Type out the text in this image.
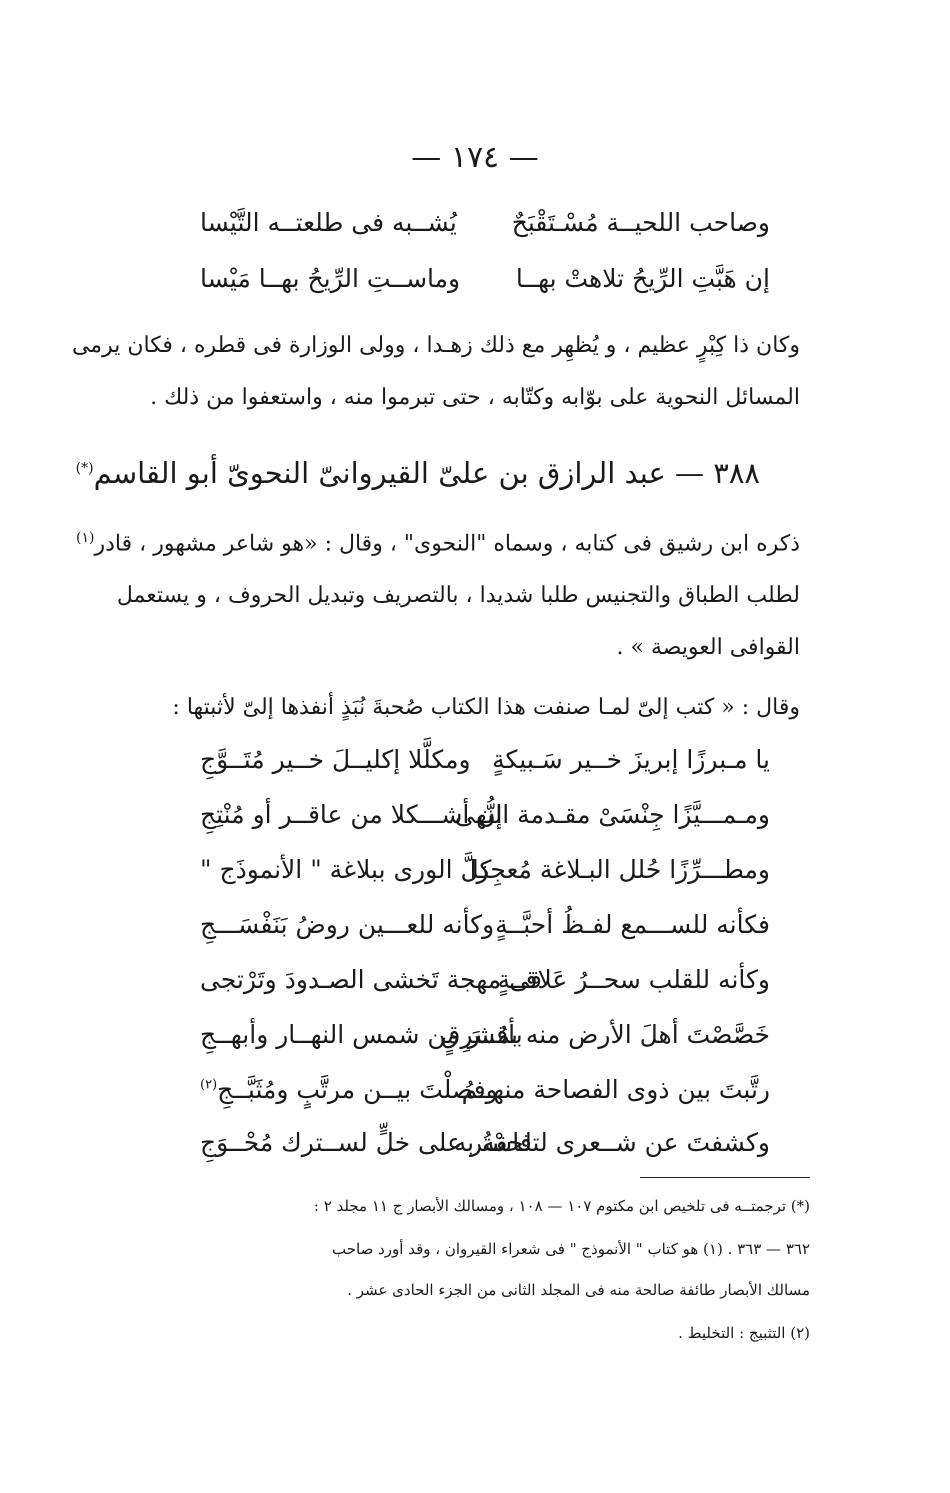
— ١٧٤ —
وصاحب اللحيــة مُسْـتَقْبَحٌ
يُشــبه فى طلعتــه التَّيْسا
إن هَبَّتِ الرِّيحُ تلاهتْ بهــا
وماســتِ الرِّيحُ بهــا مَيْسا
وكان ذا كِبْرٍ عظيم ، و يُظهِر مع ذلك زهـدا ، وولى الوزارة فى قطره ، فكان يرمى
المسائل النحوية على بوّابه وكتّابه ، حتى تبرموا منه ، واستعفوا من ذلك .
٣٨٨ — عبد الرازق بن علىّ القيروانىّ النحوىّ أبو القاسم(*)
ذكره ابن رشيق فى كتابه ، وسماه "النحوى" ، وقال : «هو شاعر مشهور ، قادر$^{(١)}$
لطلب الطباق والتجنيس طلبا شديدا ، بالتصريف وتبديل الحروف ، و يستعمل
القوافى العويصة » .
وقال : « كتب إلىّ لمـا صنفت هذا الكتاب صُحبةَ نُبَذٍ أنفذها إلىّ لأثبتها :
يا مـبرزًا إبريزَ خــير سَـبيكةٍ
ومكلَّلا إكليــلَ خــير مُتَــوَّجِ
ومـمـــيَّزًا جِنْسَىْ مقـدمة النُّهى
إن أشـــكلا من عاقــر أو مُنْتِجِ
ومطـــرِّزًا حُلل البـلاغة مُعجِزا
كلَّ الورى ببلاغة " الأنموذَج "
فكأنه للســـمع لفـظُ أحبَّــةٍ
وكأنه للعـــين روضُ بَنَفْسَـــجِ
وكأنه للقلب سحــرُ عَلاقــةٍ
فى مهجة تَخشى الصـدودَ وتَرْتجى
خَصَّصْتَ أهلَ الأرض منه بمُشرِقٍ
بأقــرَ من شمس النهــار وأبهــجِ
رتَّبتَ بين ذوى الفصاحة منهــمُ
وفصلْتَ بيــن مرتَّبٍ ومُثَبَّــجِ$^{(٢)}$
وكشفتَ عن شــعرى لتلحقه به
فاسْتُر على خلٍّ لســترك مُحْــوَجِ
(*) ترجمتــه فى تلخيص ابن مكتوم ١٠٧ — ١٠٨ ، ومسالك الأبصار ج ١١ مجلد ٢ :
٣٦٢ — ٣٦٣ . (١) هو كتاب " الأنموذج " فى شعراء القيروان ، وقد أورد صاحب
مسالك الأبصار طائفة صالحة منه فى المجلد الثانى من الجزء الحادى عشر .
(٢) التثبيج : التخليط .
